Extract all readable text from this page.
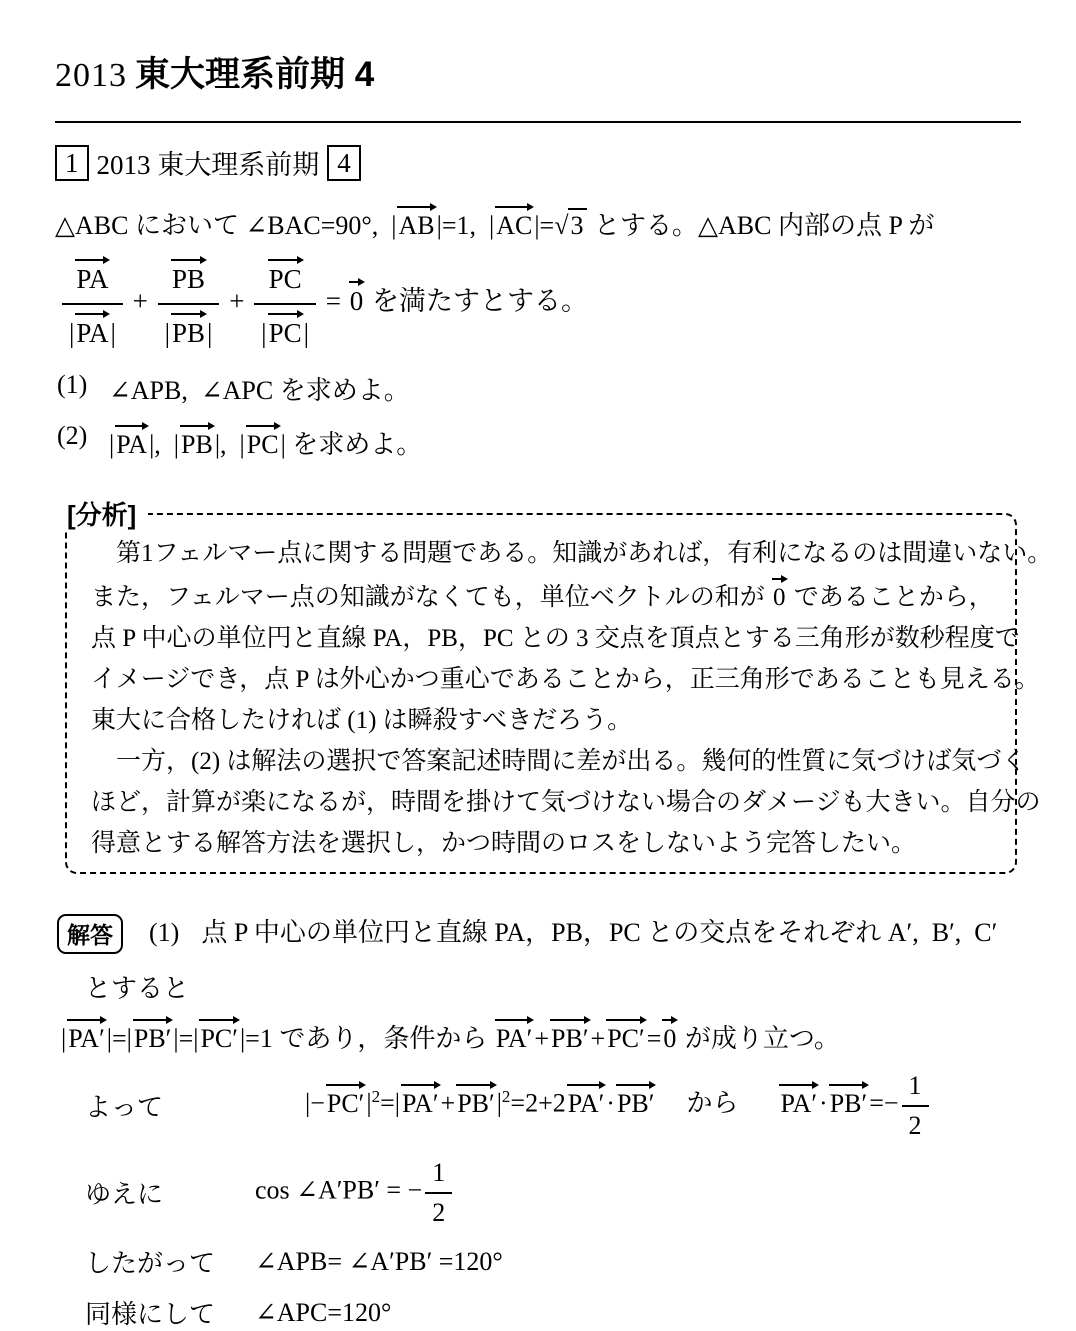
2013 東大理系前期 4
1 2013 東大理系前期 4
△ABC において ∠BAC=90°,  |
AB|=1,  |
AC|=√3 とする。△ABC 内部の点 P が
PA
|
PA| + PB
|
PB| + PC
|
PC| =
0 を満たすとする。
(1) ∠APB,  ∠APC を求めよ。
(2) |
PA|,  |
PB|,  |
PC| を求めよ。
[分析]
　第1フェルマー点に関する問題である。知識があれば，有利になるのは間違いない。
また，フェルマー点の知識がなくても，単位ベクトルの和が
0 であることから，
点 P 中心の単位円と直線 PA，PB，PC との 3 交点を頂点とする三角形が数秒程度で
イメージでき，点 P は外心かつ重心であることから，正三角形であることも見える。
東大に合格したければ (1) は瞬殺すべきだろう。
　一方，(2) は解法の選択で答案記述時間に差が出る。幾何的性質に気づけば気づく
ほど，計算が楽になるが，時間を掛けて気づけない場合のダメージも大きい。自分の
得意とする解答方法を選択し，かつ時間のロスをしないよう完答したい。
解答	(1) 点 P 中心の単位円と直線 PA，PB，PC との交点をそれぞれ A′,  B′,  C′
とすると
|
PA′|=|
PB′|=|
PC′|=1 であり，条件から
PA′+
PB′+
PC′=
0 が成り立つ。
よって	|−
$PC'|^2=|$
PA′+
$PB'|^2=2+2$
PA′·
PB′ から PA′·
$PB'=- \frac{1}{2}$
ゆえに	cos ∠A′PB′ = − $\frac{1}{2}$
したがって	∠APB= ∠A′PB′ =120°
同様にして	∠APC=120°
